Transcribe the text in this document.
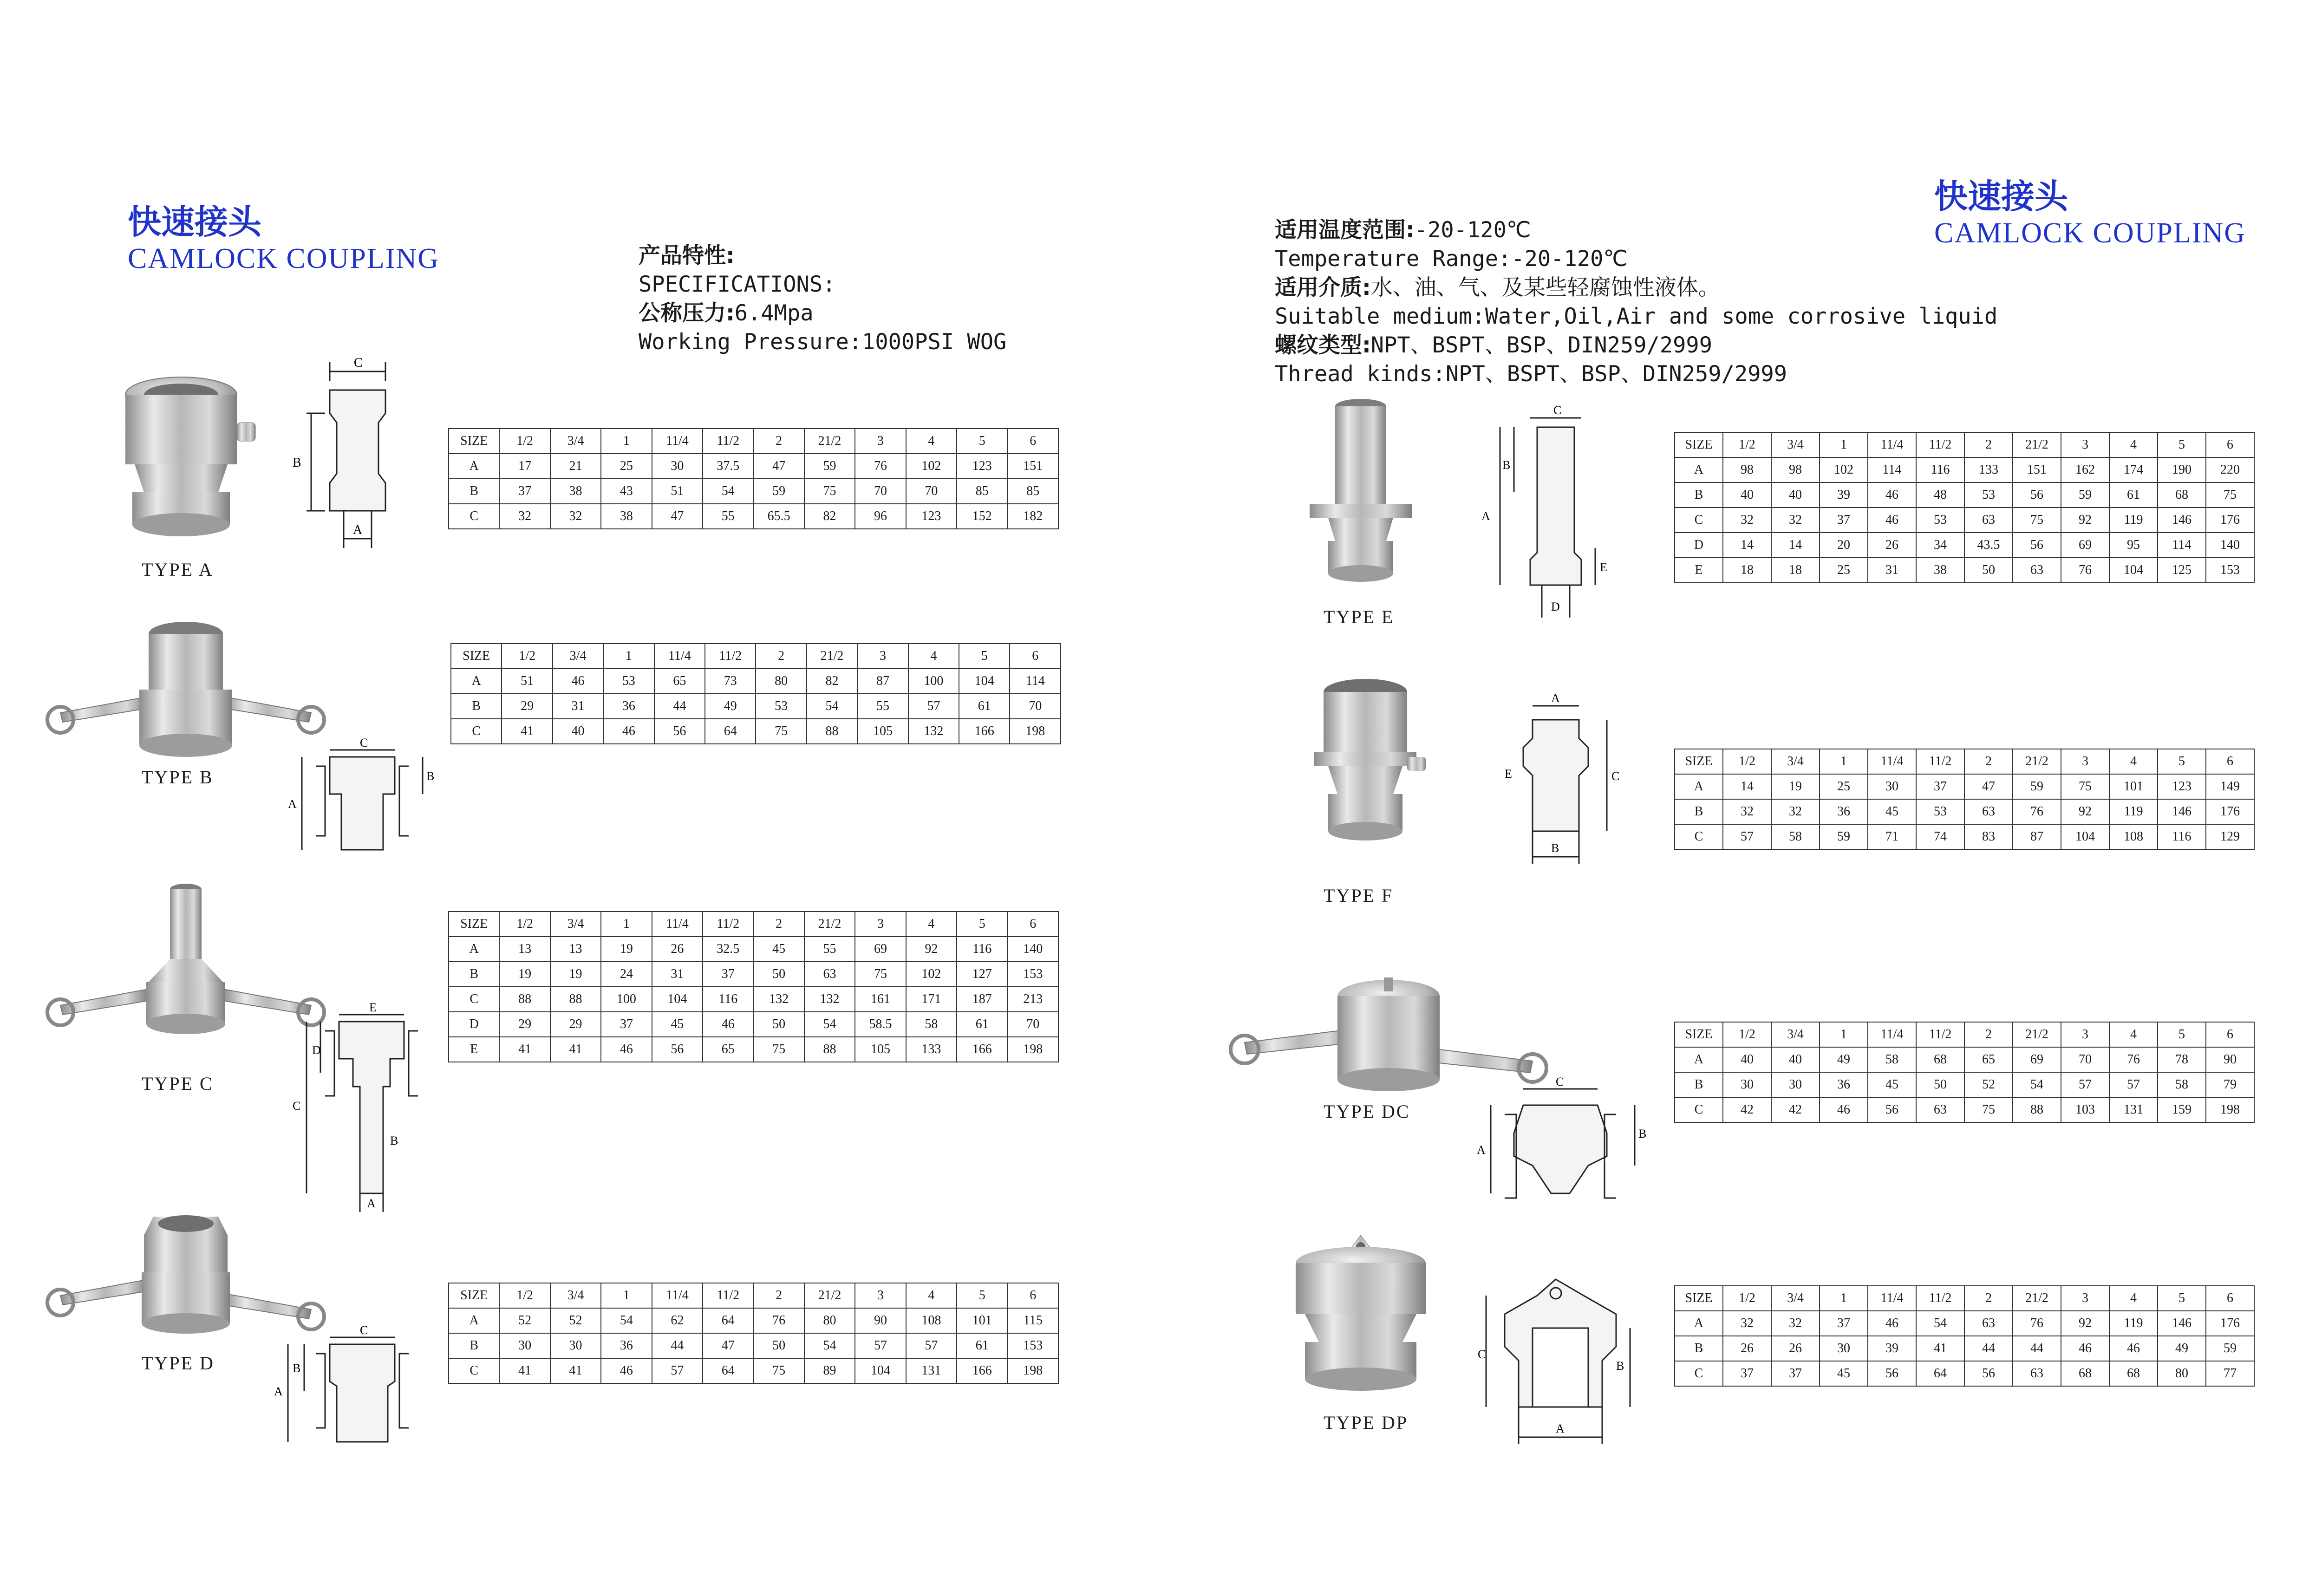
快速接头
CAMLOCK COUPLING	产品特性:
SPECIFICATIONS:
公称压力:6.4Mpa
Working Pressure:1000PSI WOG
快速接头
CAMLOCK COUPLING
适用温度范围:-20-120℃
Temperature Range:-20-120℃
适用介质:水、油、气、及某些轻腐蚀性液体。
Suitable medium:Water,Oil,Air and some corrosive liquid
螺纹类型:NPT、BSPT、BSP、DIN259/2999
Thread kinds:NPT、BSPT、BSP、DIN259/2999
C
B
A
TYPE A
SIZE	1/2	3/4	1	11/4	11/2	2	21/2	3	4	5	6
A	17	21	25	30	37.5	47	59	76	102	123	151
B	37	38	43	51	54	59	75	70	70	85	85
C	32	32	38	47	55	65.5	82	96	123	152	182
C
A
B
TYPE B
SIZE	1/2	3/4	1	11/4	11/2	2	21/2	3	4	5	6
A	51	46	53	65	73	80	82	87	100	104	114
B	29	31	36	44	49	53	54	55	57	61	70
C	41	40	46	56	64	75	88	105	132	166	198
E
D
C
B
A
TYPE C
SIZE	1/2	3/4	1	11/4	11/2	2	21/2	3	4	5	6
A	13	13	19	26	32.5	45	55	69	92	116	140
B	19	19	24	31	37	50	63	75	102	127	153
C	88	88	100	104	116	132	132	161	171	187	213
D	29	29	37	45	46	50	54	58.5	58	61	70
E	41	41	46	56	65	75	88	105	133	166	198
C
A
B
TYPE D
SIZE	1/2	3/4	1	11/4	11/2	2	21/2	3	4	5	6
A	52	52	54	62	64	76	80	90	108	101	115
B	30	30	36	44	47	50	54	57	57	61	153
C	41	41	46	57	64	75	89	104	131	166	198
C
B
A
E
D
TYPE E
SIZE	1/2	3/4	1	11/4	11/2	2	21/2	3	4	5	6
A	98	98	102	114	116	133	151	162	174	190	220
B	40	40	39	46	48	53	56	59	61	68	75
C	32	32	37	46	53	63	75	92	119	146	176
D	14	14	20	26	34	43.5	56	69	95	114	140
E	18	18	25	31	38	50	63	76	104	125	153
A
E	C
B
TYPE F
SIZE	1/2	3/4	1	11/4	11/2	2	21/2	3	4	5	6
A	14	19	25	30	37	47	59	75	101	123	149
B	32	32	36	45	53	63	76	92	119	146	176
C	57	58	59	71	74	83	87	104	108	116	129
C
A
B
TYPE DC
SIZE	1/2	3/4	1	11/4	11/2	2	21/2	3	4	5	6
A	40	40	49	58	68	65	69	70	76	78	90
B	30	30	36	45	50	52	54	57	57	58	79
C	42	42	46	56	63	75	88	103	131	159	198
C
B
A
TYPE DP
SIZE	1/2	3/4	1	11/4	11/2	2	21/2	3	4	5	6
A	32	32	37	46	54	63	76	92	119	146	176
B	26	26	30	39	41	44	44	46	46	49	59
C	37	37	45	56	64	56	63	68	68	80	77
